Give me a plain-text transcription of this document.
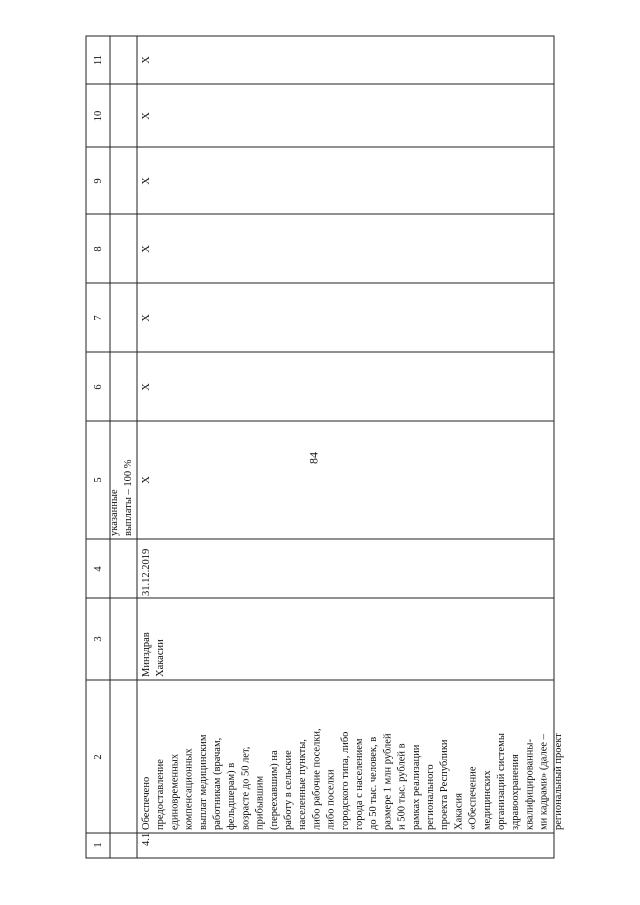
84
1
2
3
4
5
6
7
8
9
10
11
4.1
Обеспечено предоставление единовременных компенсационных выплат медицинским работникам (врачам, фельдшерам) в возрасте до 50 лет, прибывшим (переехавшим) на работу в сельские населенные пункты, либо рабочие поселки, либо поселки городского типа, либо города с населением до 50 тыс. человек, в размере 1 млн рублей и 500 тыс. рублей в рамках реализации регионального проекта Республики Хакасия «Обеспечение медицинских организаций системы здравоохранения квалифицированны- ми кадрами» (далее – региональный проект
Минздрав Хакасии
31.12.2019
указанные выплаты – 100 % X
X
X
X
X
X
X
